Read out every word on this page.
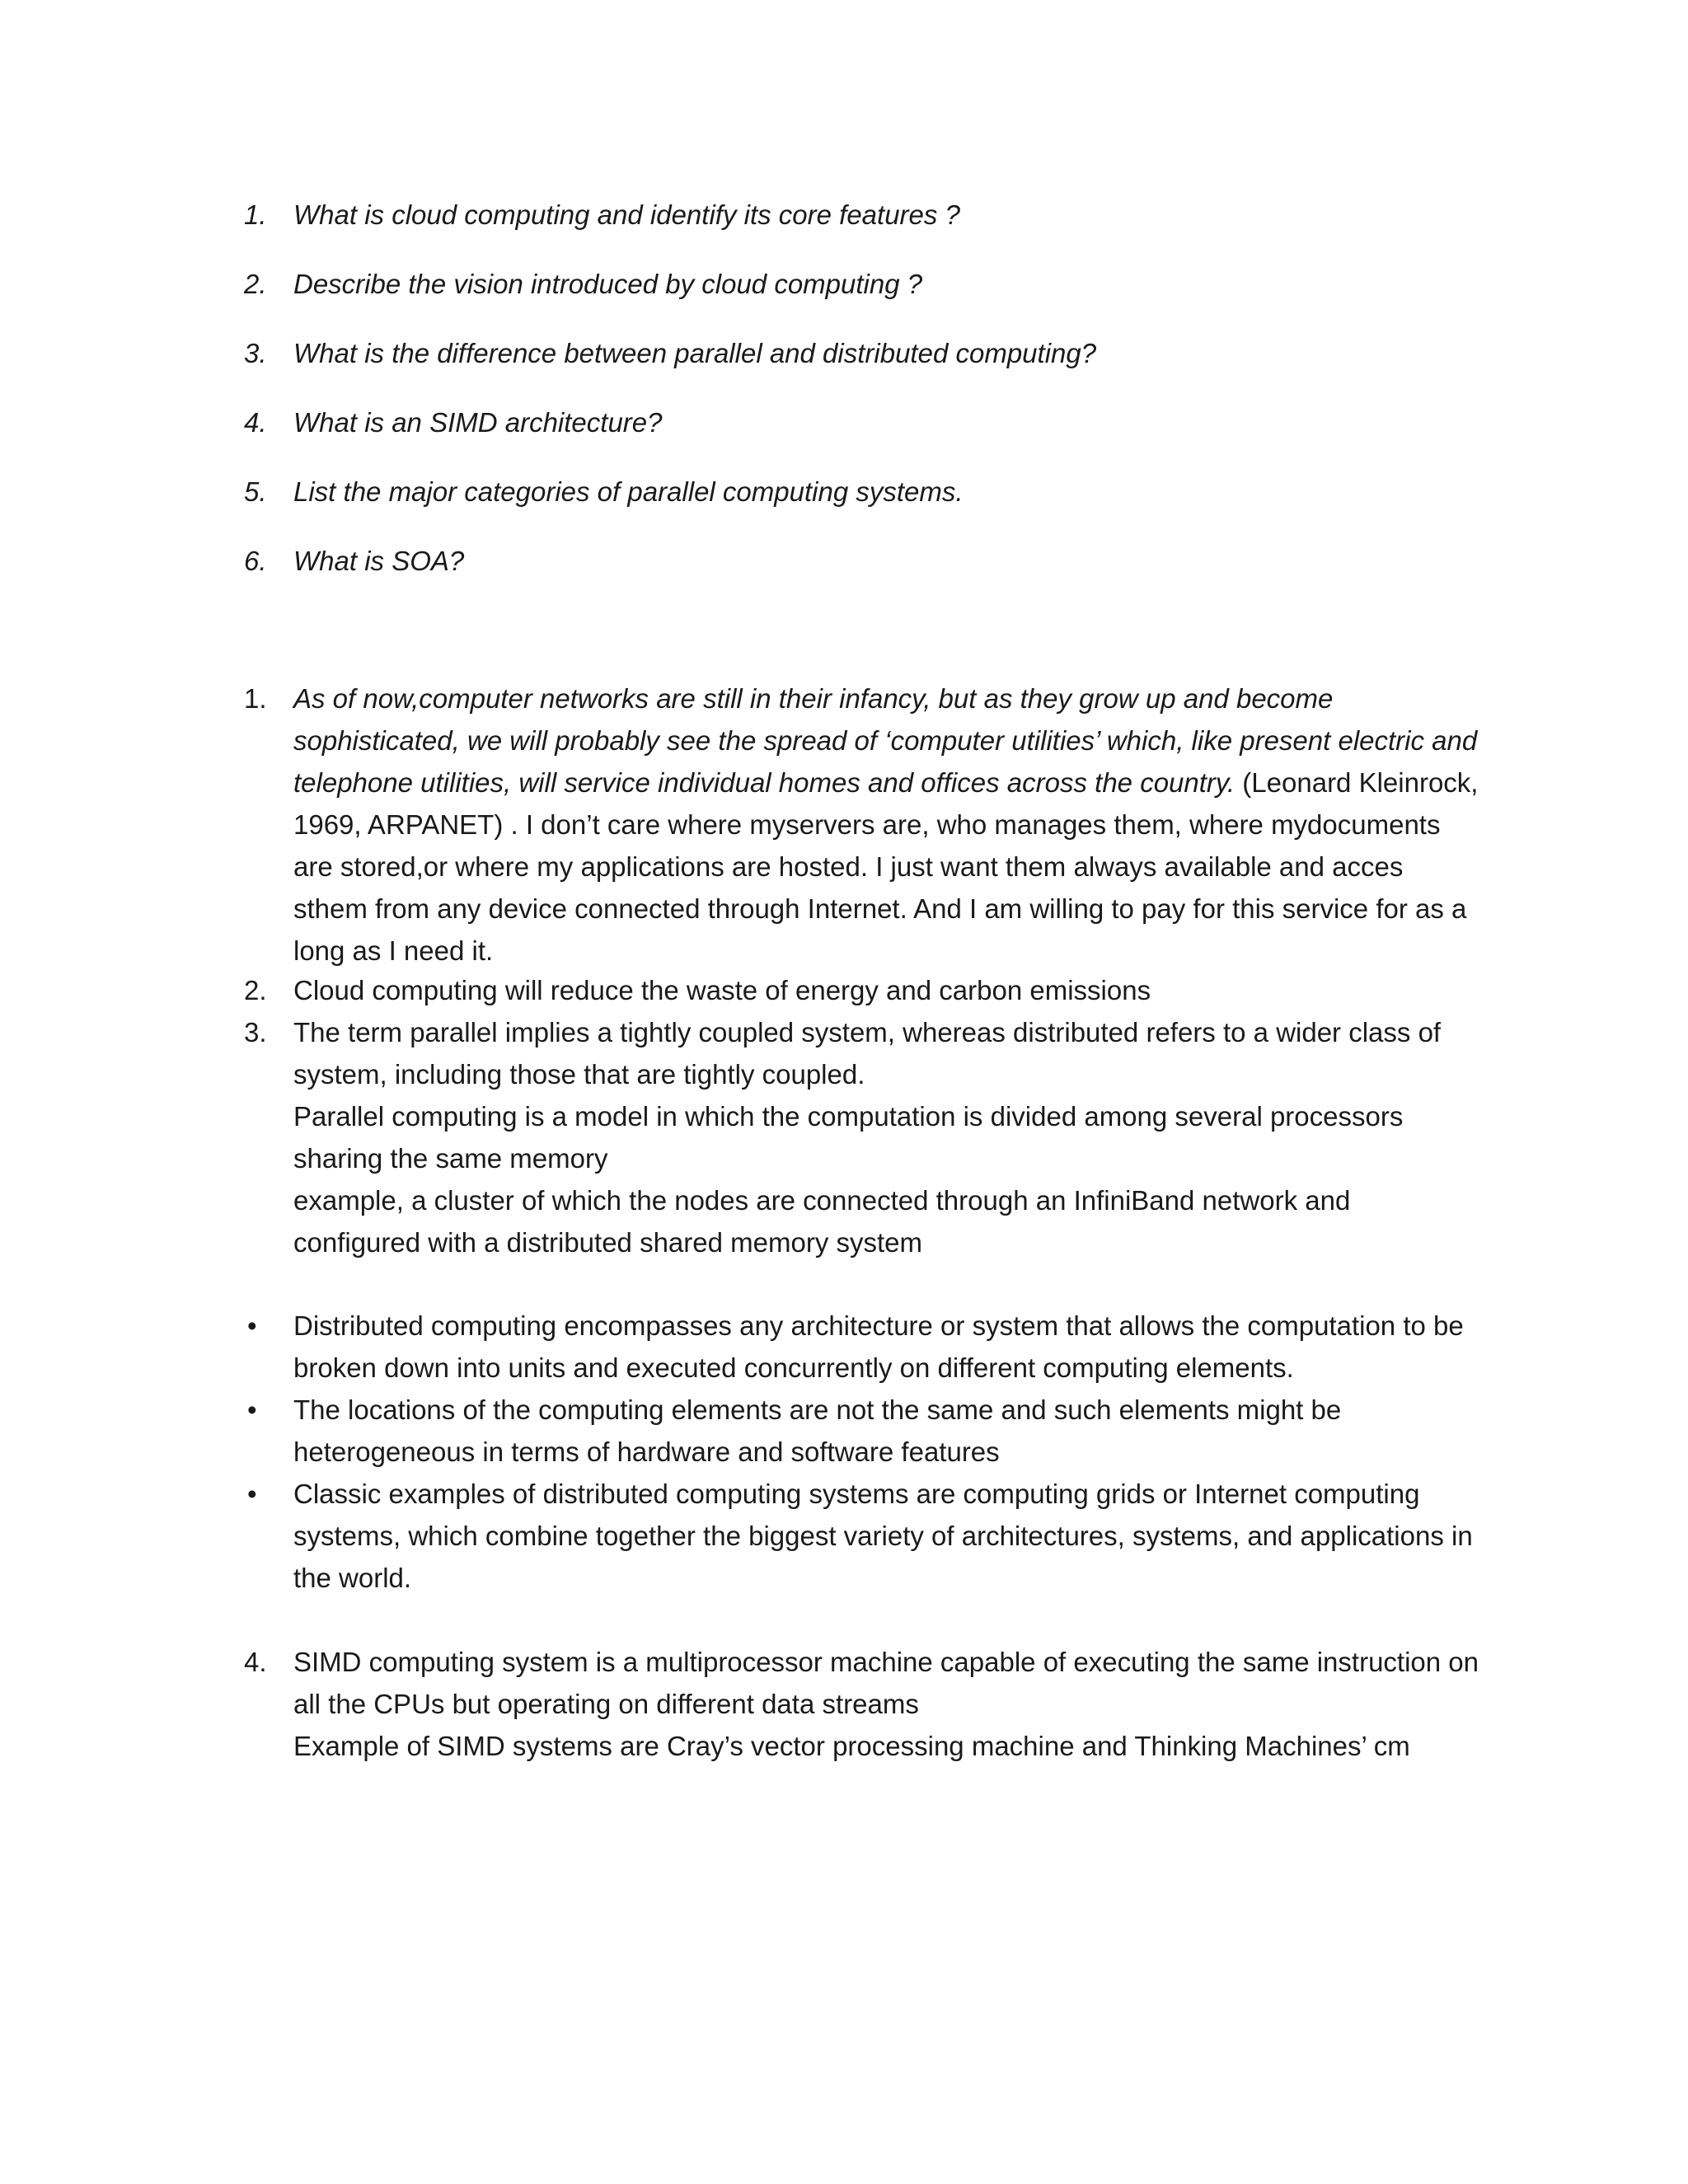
1. What is cloud computing and identify its core features ?
2. Describe the vision introduced by cloud computing ?
3. What is the difference between parallel and distributed computing?
4. What is an SIMD architecture?
5. List the major categories of parallel computing systems.
6. What is SOA?
1. As of now,computer networks are still in their infancy, but as they grow up and become sophisticated, we will probably see the spread of ‘computer utilities’ which, like present electric and telephone utilities, will service individual homes and offices across the country. (Leonard Kleinrock, 1969, ARPANET) . I don’t care where myservers are, who manages them, where mydocuments are stored,or where my applications are hosted. I just want them always available and acces sthem from any device connected through Internet. And I am willing to pay for this service for as a long as I need it.
2. Cloud computing will reduce the waste of energy and carbon emissions
3. The term parallel implies a tightly coupled system, whereas distributed refers to a wider class of system, including those that are tightly coupled.
Parallel computing is a model in which the computation is divided among several processors sharing the same memory
example, a cluster of which the nodes are connected through an InfiniBand network and configured with a distributed shared memory system
•	Distributed computing encompasses any architecture or system that allows the computation to be broken down into units and executed concurrently on different computing elements.
•	The locations of the computing elements are not the same and such elements might be heterogeneous in terms of hardware and software features
•	Classic examples of distributed computing systems are computing grids or Internet computing systems, which combine together the biggest variety of architectures, systems, and applications in the world.
4. SIMD computing system is a multiprocessor machine capable of executing the same instruction on all the CPUs but operating on different data streams
Example of SIMD systems are Cray’s vector processing machine and Thinking Machines’ cm
